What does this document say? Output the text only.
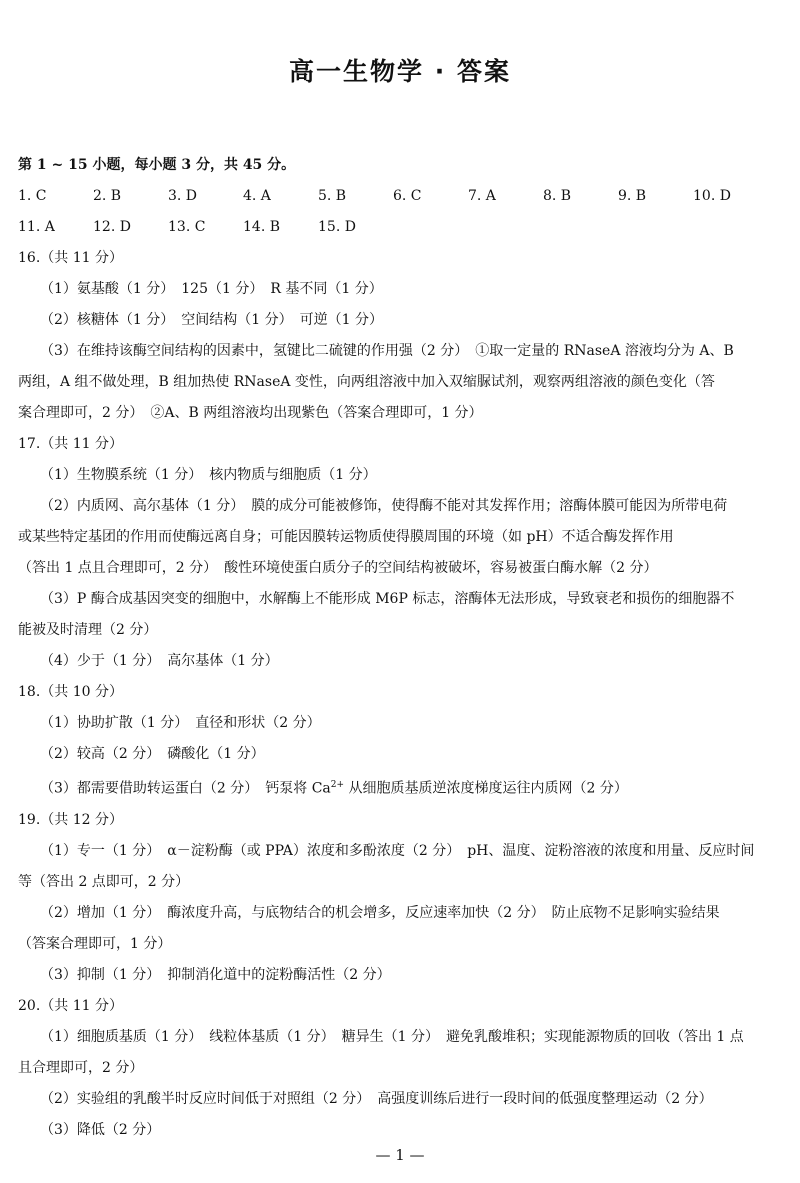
高一生物学 · 答案
第 1 ~ 15 小题，每小题 3 分，共 45 分。
1. C	2. B	3. D	4. A	5. B	6. C	7. A	8. B	9. B	10. D
11. A	12. D	13. C	14. B	15. D
16.（共 11 分）
（1）氨基酸（1 分）　125（1 分）　R 基不同（1 分）
（2）核糖体（1 分）　空间结构（1 分）　可逆（1 分）
（3）在维持该酶空间结构的因素中，氢键比二硫键的作用强（2 分）　①取一定量的 RNaseA 溶液均分为 A、B
两组，A 组不做处理，B 组加热使 RNaseA 变性，向两组溶液中加入双缩脲试剂，观察两组溶液的颜色变化（答
案合理即可，2 分）　②A、B 两组溶液均出现紫色（答案合理即可，1 分）
17.（共 11 分）
（1）生物膜系统（1 分）　核内物质与细胞质（1 分）
（2）内质网、高尔基体（1 分）　膜的成分可能被修饰，使得酶不能对其发挥作用；溶酶体膜可能因为所带电荷
或某些特定基团的作用而使酶远离自身；可能因膜转运物质使得膜周围的环境（如 pH）不适合酶发挥作用
（答出 1 点且合理即可，2 分）　酸性环境使蛋白质分子的空间结构被破坏，容易被蛋白酶水解（2 分）
（3）P 酶合成基因突变的细胞中，水解酶上不能形成 M6P 标志，溶酶体无法形成，导致衰老和损伤的细胞器不
能被及时清理（2 分）
（4）少于（1 分）　高尔基体（1 分）
18.（共 10 分）
（1）协助扩散（1 分）　直径和形状（2 分）
（2）较高（2 分）　磷酸化（1 分）
（3）都需要借助转运蛋白（2 分）　钙泵将 $Ca^{2+}$ 从细胞质基质逆浓度梯度运往内质网（2 分）
19.（共 12 分）
（1）专一（1 分）　α－淀粉酶（或 PPA）浓度和多酚浓度（2 分）　pH、温度、淀粉溶液的浓度和用量、反应时间
等（答出 2 点即可，2 分）
（2）增加（1 分）　酶浓度升高，与底物结合的机会增多，反应速率加快（2 分）　防止底物不足影响实验结果
（答案合理即可，1 分）
（3）抑制（1 分）　抑制消化道中的淀粉酶活性（2 分）
20.（共 11 分）
（1）细胞质基质（1 分）　线粒体基质（1 分）　糖异生（1 分）　避免乳酸堆积；实现能源物质的回收（答出 1 点
且合理即可，2 分）
（2）实验组的乳酸半时反应时间低于对照组（2 分）　高强度训练后进行一段时间的低强度整理运动（2 分）
（3）降低（2 分）
— 1 —
